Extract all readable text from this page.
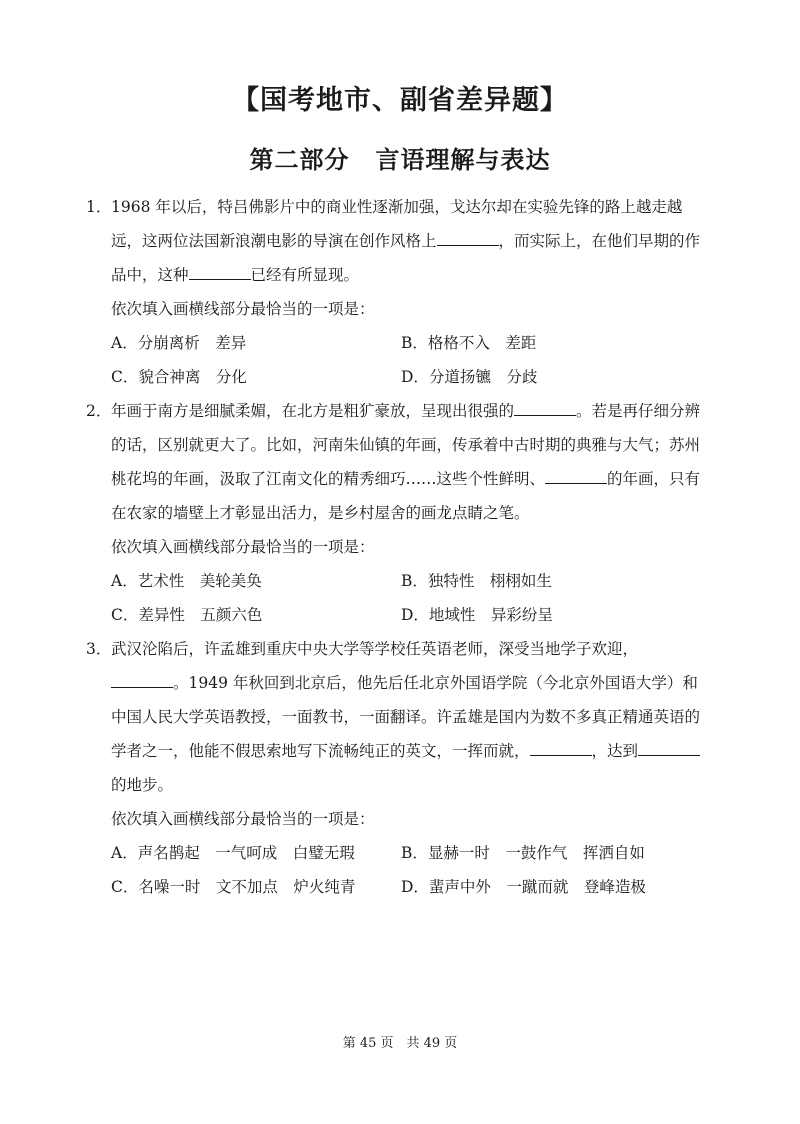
【国考地市、副省差异题】
第二部分 言语理解与表达
1．1968 年以后，特吕佛影片中的商业性逐渐加强，戈达尔却在实验先锋的路上越走越
远，这两位法国新浪潮电影的导演在创作风格上	，而实际上，在他们早期的作
品中，这种	已经有所显现。
依次填入画横线部分最恰当的一项是：
A．分崩离析　差异	B．格格不入　差距
C．貌合神离　分化	D．分道扬镳　分歧
2．年画于南方是细腻柔媚，在北方是粗犷豪放，呈现出很强的	。若是再仔细分辨
的话，区别就更大了。比如，河南朱仙镇的年画，传承着中古时期的典雅与大气；苏州
桃花坞的年画，汲取了江南文化的精秀细巧……这些个性鲜明、	的年画，只有
在农家的墙壁上才彰显出活力，是乡村屋舍的画龙点睛之笔。
依次填入画横线部分最恰当的一项是：
A．艺术性　美轮美奂	B．独特性　栩栩如生
C．差异性　五颜六色	D．地域性　异彩纷呈
3．武汉沦陷后，许孟雄到重庆中央大学等学校任英语老师，深受当地学子欢迎，
。1949 年秋回到北京后，他先后任北京外国语学院（今北京外国语大学）和
中国人民大学英语教授，一面教书，一面翻译。许孟雄是国内为数不多真正精通英语的
学者之一，他能不假思索地写下流畅纯正的英文，一挥而就，	，达到
的地步。
依次填入画横线部分最恰当的一项是：
A．声名鹊起　一气呵成　白璧无瑕	B．显赫一时　一鼓作气　挥洒自如
C．名噪一时　文不加点　炉火纯青	D．蜚声中外　一蹴而就　登峰造极
第 45 页　共 49 页
